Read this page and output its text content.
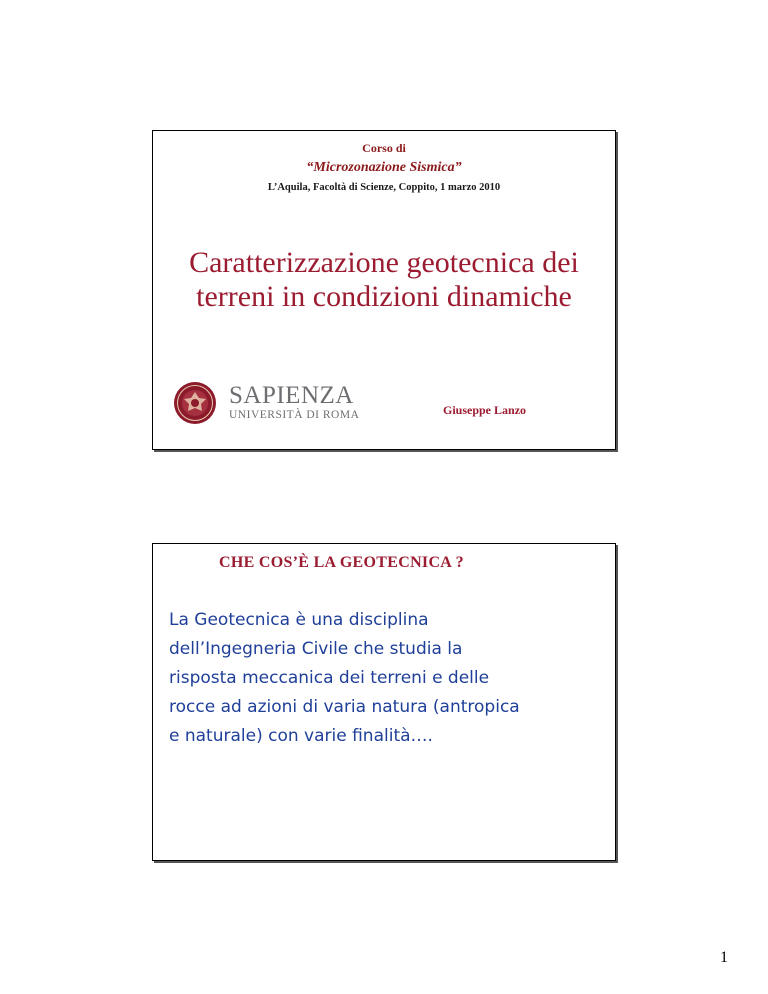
Corso di
“Microzonazione Sismica”
L’Aquila, Facoltà di Scienze, Coppito, 1 marzo 2010
Caratterizzazione geotecnica dei
terreni in condizioni dinamiche
SAPIENZA
UNIVERSITÀ DI ROMA	Giuseppe Lanzo
CHE COS’È LA GEOTECNICA ?
La Geotecnica è una disciplina
dell’Ingegneria Civile che studia la
risposta meccanica dei terreni e delle
rocce ad azioni di varia natura (antropica
e naturale) con varie finalità….
1
